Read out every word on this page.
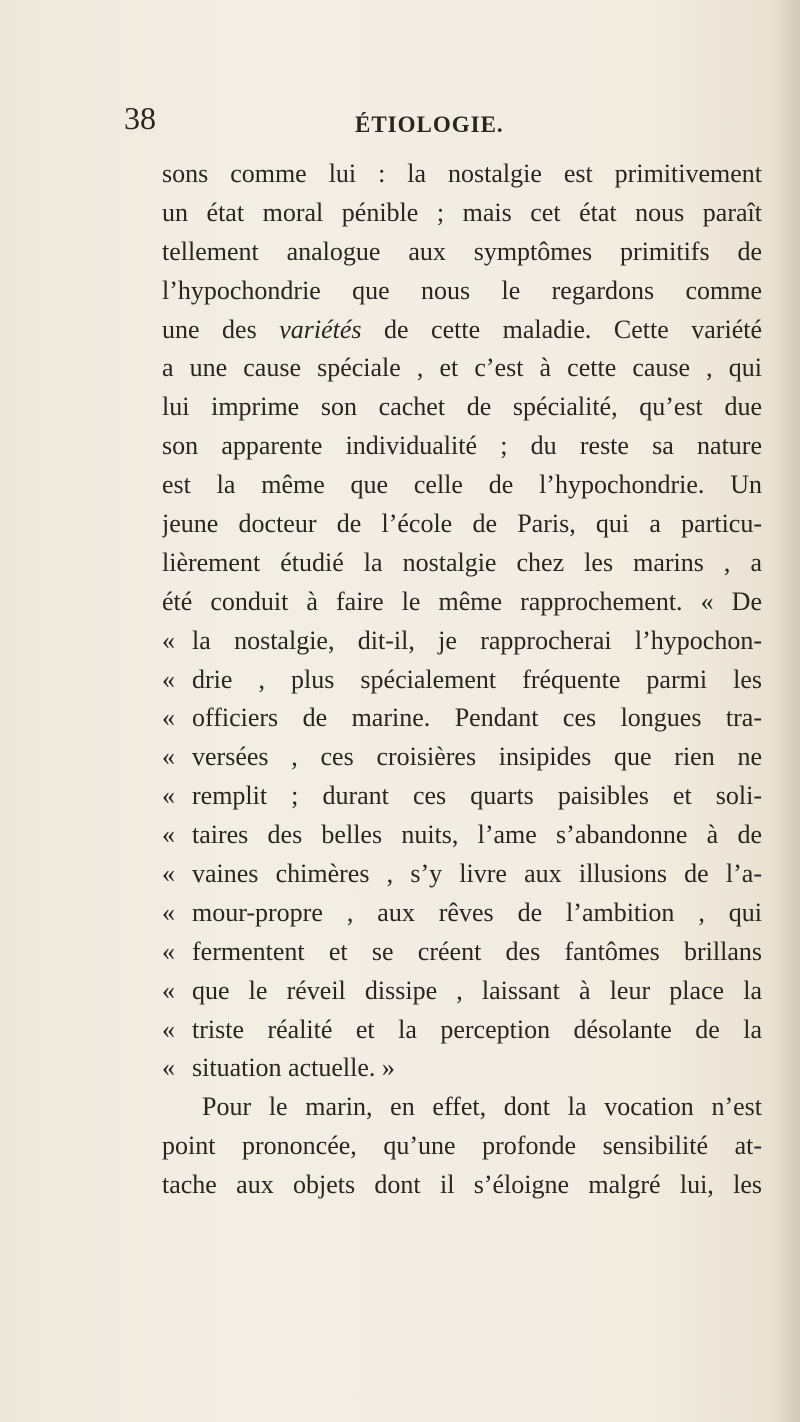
38	ÉTIOLOGIE.
sons comme lui : la nostalgie est primitivement
un état moral pénible ; mais cet état nous paraît
tellement analogue aux symptômes primitifs de
l’hypochondrie que nous le regardons comme
une des variétés de cette maladie. Cette variété
a une cause spéciale , et c’est à cette cause , qui
lui imprime son cachet de spécialité, qu’est due
son apparente individualité ; du reste sa nature
est la même que celle de l’hypochondrie. Un
jeune docteur de l’école de Paris, qui a particu-
lièrement étudié la nostalgie chez les marins , a
été conduit à faire le même rapprochement. « De
« la nostalgie, dit-il, je rapprocherai l’hypochon-
« drie , plus spécialement fréquente parmi les
« officiers de marine. Pendant ces longues tra-
« versées , ces croisières insipides que rien ne
« remplit ; durant ces quarts paisibles et soli-
« taires des belles nuits, l’ame s’abandonne à de
« vaines chimères , s’y livre aux illusions de l’a-
« mour-propre , aux rêves de l’ambition , qui
« fermentent et se créent des fantômes brillans
« que le réveil dissipe , laissant à leur place la
« triste réalité et la perception désolante de la
« situation actuelle. »
Pour le marin, en effet, dont la vocation n’est
point prononcée, qu’une profonde sensibilité at-
tache aux objets dont il s’éloigne malgré lui, les
